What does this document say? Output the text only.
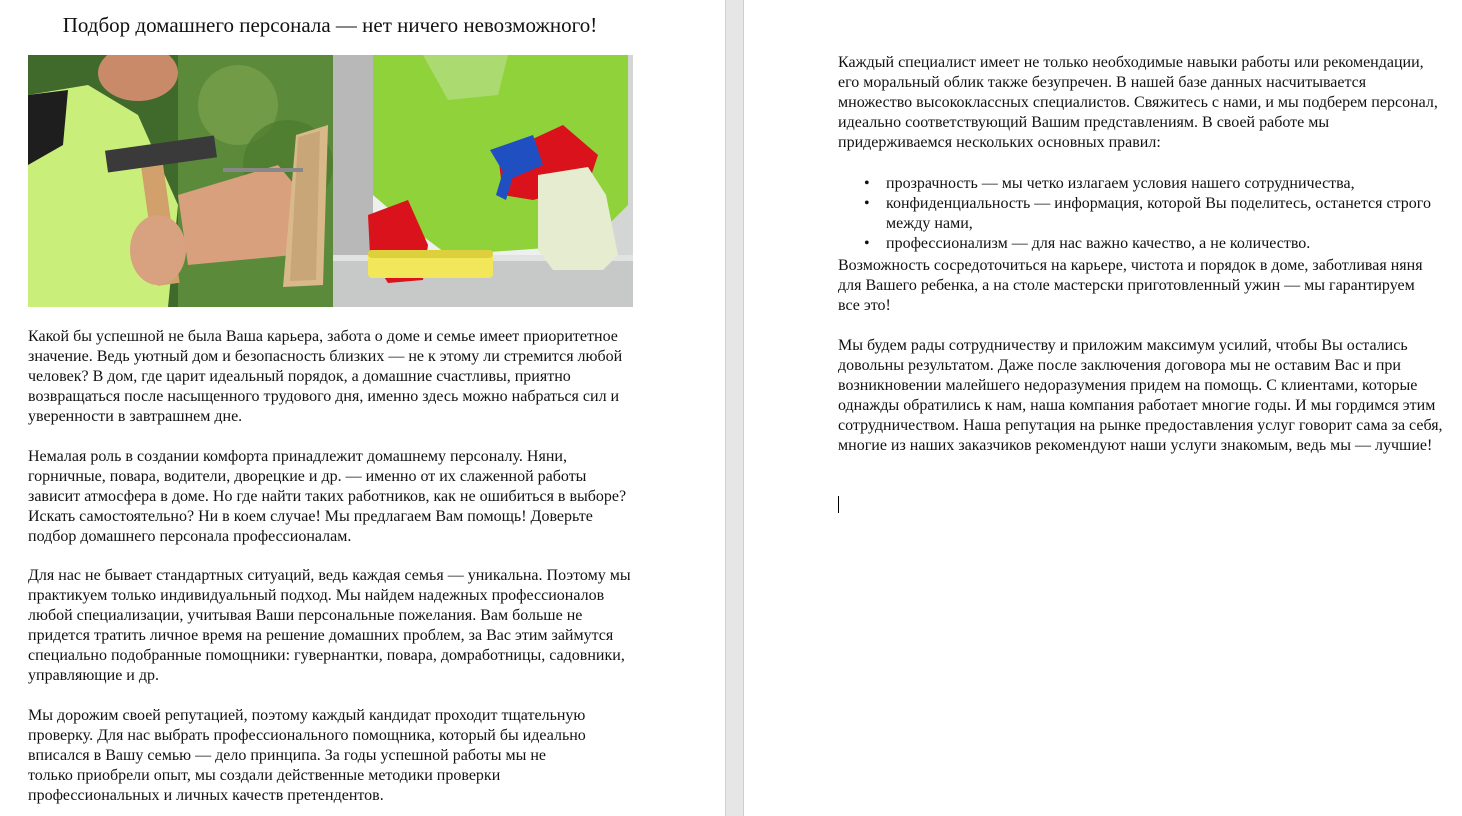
Подбор домашнего персонала — нет ничего невозможного!
Какой бы успешной не была Ваша карьера, забота о доме и семье имеет приоритетное значение. Ведь уютный дом и безопасность близких — не к этому ли стремится любой человек? В дом, где царит идеальный порядок, а домашние счастливы, приятно возвращаться после насыщенного трудового дня, именно здесь можно набраться сил и уверенности в завтрашнем дне.
Немалая роль в создании комфорта принадлежит домашнему персоналу. Няни, горничные, повара, водители, дворецкие и др. — именно от их слаженной работы зависит атмосфера в доме. Но где найти таких работников, как не ошибиться в выборе? Искать самостоятельно? Ни в коем случае! Мы предлагаем Вам помощь! Доверьте подбор домашнего персонала профессионалам.
Для нас не бывает стандартных ситуаций, ведь каждая семья — уникальна. Поэтому мы практикуем только индивидуальный подход. Мы найдем надежных профессионалов любой специализации, учитывая Ваши персональные пожелания. Вам больше не придется тратить личное время на решение домашних проблем, за Вас этим займутся специально подобранные помощники: гувернантки, повара, домработницы, садовники, управляющие и др.
Мы дорожим своей репутацией, поэтому каждый кандидат проходит тщательную проверку. Для нас выбрать профессионального помощника, который бы идеально вписался в Вашу семью — дело принципа. За годы успешной работы мы не только приобрели опыт, мы создали действенные методики проверки профессиональных и личных качеств претендентов.
Каждый специалист имеет не только необходимые навыки работы или рекомендации, его моральный облик также безупречен. В нашей базе данных насчитывается множество высококлассных специалистов. Свяжитесь с нами, и мы подберем персонал, идеально соответствующий Вашим представлениям. В своей работе мы придерживаемся нескольких основных правил:
• прозрачность — мы четко излагаем условия нашего сотрудничества,
• конфиденциальность — информация, которой Вы поделитесь, останется строго между нами,
• профессионализм — для нас важно качество, а не количество.
Возможность сосредоточиться на карьере, чистота и порядок в доме, заботливая няня для Вашего ребенка, а на столе мастерски приготовленный ужин — мы гарантируем все это!
Мы будем рады сотрудничеству и приложим максимум усилий, чтобы Вы остались довольны результатом. Даже после заключения договора мы не оставим Вас и при возникновении малейшего недоразумения придем на помощь. С клиентами, которые однажды обратились к нам, наша компания работает многие годы. И мы гордимся этим сотрудничеством. Наша репутация на рынке предоставления услуг говорит сама за себя, многие из наших заказчиков рекомендуют наши услуги знакомым, ведь мы — лучшие!
